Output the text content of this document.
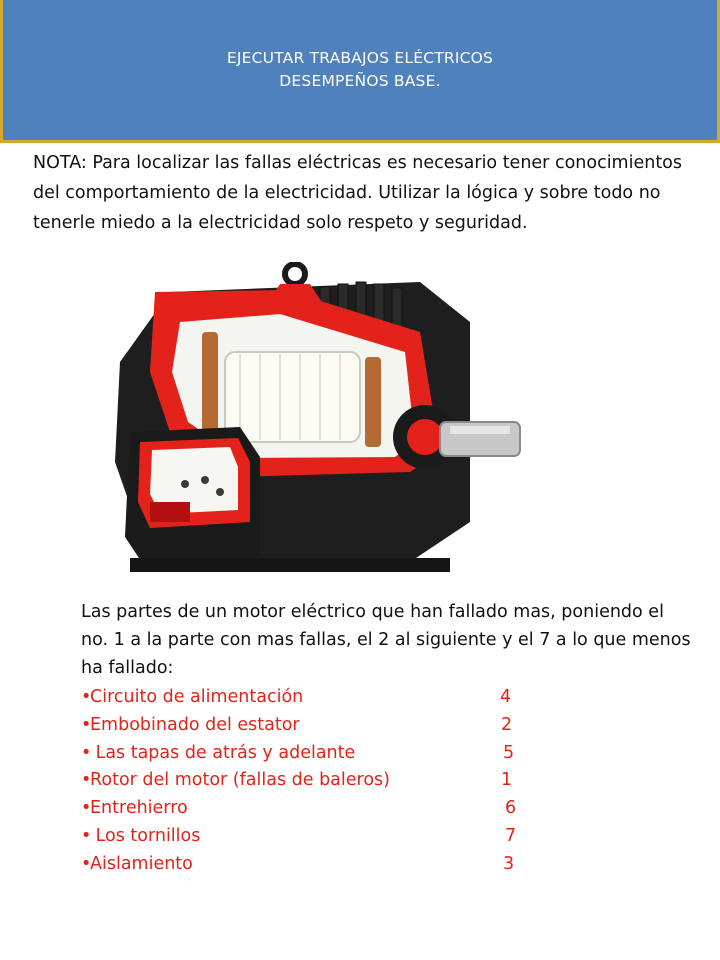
EJECUTAR TRABAJOS ELÉCTRICOS
DESEMPEÑOS BASE.

NOTA: Para localizar las fallas eléctricas es necesario tener conocimientos del comportamiento de la electricidad. Utilizar la lógica y sobre todo no tenerle miedo a la electricidad solo respeto y seguridad.

Las partes de un motor eléctrico que han fallado mas, poniendo el no. 1 a la parte con mas fallas, el 2 al siguiente y el 7 a lo que menos ha fallado:

•Circuito de alimentación	4
•Embobinado del estator	2
• Las tapas de atrás y adelante	5
•Rotor del motor (fallas de baleros)	1
•Entrehierro	6
• Los tornillos	7
•Aislamiento	3
